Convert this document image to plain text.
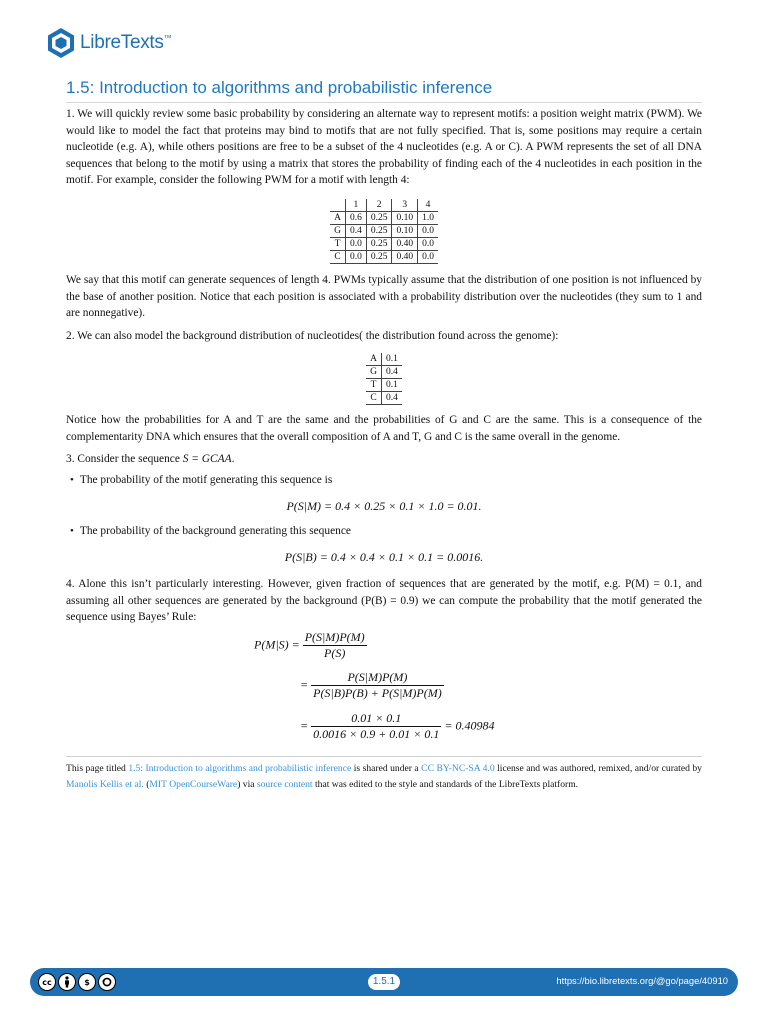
LibreTexts™
1.5: Introduction to algorithms and probabilistic inference
1. We will quickly review some basic probability by considering an alternate way to represent motifs: a position weight matrix (PWM). We would like to model the fact that proteins may bind to motifs that are not fully specified. That is, some positions may require a certain nucleotide (e.g. A), while others positions are free to be a subset of the 4 nucleotides (e.g. A or C). A PWM represents the set of all DNA sequences that belong to the motif by using a matrix that stores the probability of finding each of the 4 nucleotides in each position in the motif. For example, consider the following PWM for a motif with length 4:
	1	2	3	4
A	0.6	0.25	0.10	1.0
G	0.4	0.25	0.10	0.0
T	0.0	0.25	0.40	0.0
C	0.0	0.25	0.40	0.0
We say that this motif can generate sequences of length 4. PWMs typically assume that the distribution of one position is not influenced by the base of another position. Notice that each position is associated with a probability distribution over the nucleotides (they sum to 1 and are nonnegative).
2. We can also model the background distribution of nucleotides( the distribution found across the genome):
A	0.1
G	0.4
T	0.1
C	0.4
Notice how the probabilities for A and T are the same and the probabilities of G and C are the same. This is a consequence of the complementarity DNA which ensures that the overall composition of A and T, G and C is the same overall in the genome.
3. Consider the sequence S = GCAA.
• The probability of the motif generating this sequence is
P(S|M) = 0.4 × 0.25 × 0.1 × 1.0 = 0.01.
• The probability of the background generating this sequence
P(S|B) = 0.4 × 0.4 × 0.1 × 0.1 = 0.0016.
4. Alone this isn’t particularly interesting. However, given fraction of sequences that are generated by the motif, e.g. P(M) = 0.1, and assuming all other sequences are generated by the background (P(B) = 0.9) we can compute the probability that the motif generated the sequence using Bayes’ Rule:
$P(M|S) = \frac{P(S|M)P(M)}{P(S)}$
= $\frac{P(S|M)P(M)}{P(S|B)P(B) + P(S|M)P(M)}$
= $\frac{0.01 \times 0.1}{0.0016 \times 0.9 + 0.01 \times 0.1} = 0.40984$
This page titled 1.5: Introduction to algorithms and probabilistic inference is shared under a CC BY-NC-SA 4.0 license and was authored, remixed, and/or curated by Manolis Kellis et al. (MIT OpenCourseWare) via source content that was edited to the style and standards of the LibreTexts platform.
cc	$	1.5.1	https://bio.libretexts.org/@go/page/40910
